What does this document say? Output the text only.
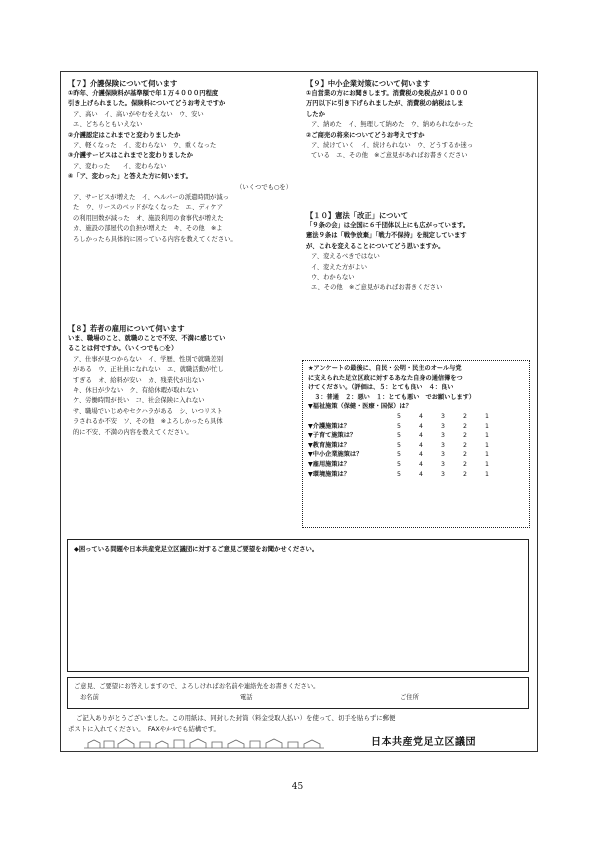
【７】介護保険について伺います
①昨年、介護保険料が基準額で年１万４０００円程度
引き上げられました。保険料についてどうお考えですか
ア、高い　イ、高いがやむをえない　ウ、安い
エ、どちらともいえない
②介護認定はこれまでと変わりましたか
ア、軽くなった　イ、変わらない　ウ、重くなった
③介護サービスはこれまでと変わりましたか
ア、変わった　　イ、変わらない
④「ア、変わった」と答えた方に伺います。
（いくつでも○を）
ア、サービスが増えた　イ、ヘルパーの派遣時間が減っ
た　ウ、リースのベッドがなくなった　エ、ディケア
の利用回数が減った　オ、施設利用の食事代が増えた
カ、施設の部屋代の負担が増えた　キ、その他　※よ
ろしかったら具体的に困っている内容を教えてください。
【８】若者の雇用について伺います
いま、職場のこと、就職のことで不安、不満に感じてい
ることは何ですか。（いくつでも○を）
ア、仕事が見つからない　イ、学歴、性別で就職差別
がある　ウ、正社員になれない　エ、就職活動が忙し
すぎる　オ、給料が安い　カ、残業代が出ない
キ、休日が少ない　ク、有給休暇が取れない
ケ、労働時間が長い　コ、社会保険に入れない
サ、職場でいじめやセクハラがある　シ、いつリスト
ラされるか不安　ソ、その他　※よろしかったら具体
的に不安、不満の内容を教えてください。
【９】中小企業対策について伺います
①自営業の方にお聞きします。消費税の免税点が１０００
万円以下に引き下げられましたが、消費税の納税はしま
したか
ア、納めた　イ、無理して納めた　ウ、納められなかった
②ご商売の将来についてどうお考えですか
ア、続けていく　イ、続けられない　ウ、どうするか迷っ
ている　エ、その他　※ご意見があればお書きください
【１０】憲法「改正」について
「９条の会」は全国に６千団体以上にも広がっています。
憲法９条は「戦争放棄」「戦力不保持」を規定しています
が、これを変えることについてどう思いますか。
ア、変えるべきではない
イ、変えた方がよい
ウ、わからない
エ、その他　※ご意見があればお書きください
★アンケートの最後に、自民・公明・民主のオール与党
に支えられた足立区政に対するあなた自身の通信簿をつ
けてください。（評価は、５：とても良い　４：良い
　３：普通　２：悪い　１：とても悪い　でお願いします）
▼福祉施策（保健・医療・国保）は？
5	4	3	2	1
▼介護施策は？	5	4	3	2	1
▼子育て施策は？	5	4	3	2	1
▼教育施策は？	5	4	3	2	1
▼中小企業施策は？	5	4	3	2	1
▼雇用施策は？	5	4	3	2	1
▼環境施策は？	5	4	3	2	1
◆困っている問題や日本共産党足立区議団に対するご意見ご要望をお聞かせください。
ご意見、ご要望にお答えしますので、よろしければお名前や連絡先をお書きください。
お名前	電話	ご住所
ご記入ありがとうございました。この用紙は、同封した封筒（料金受取人払い）を使って、切手を貼らずに郵便
ポストに入れてください。　FAXやﾒｰﾙでも結構です。
日本共産党足立区議団
45
